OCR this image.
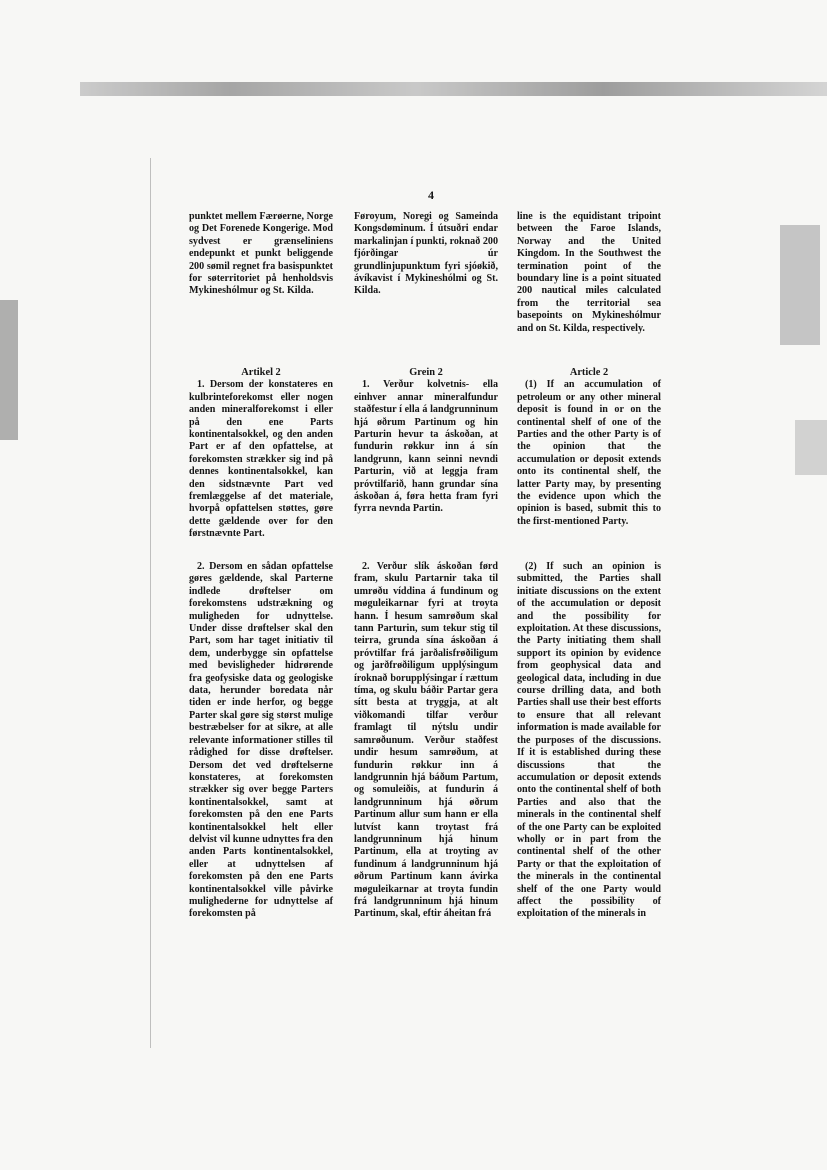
4

punktet mellem Færøerne, Norge og Det Forenede Kongerige. Mod sydvest er grænseliniens endepunkt et punkt beliggende 200 sømil regnet fra basispunktet for søterritoriet på henholdsvis Mykineshólmur og St. Kilda.

Føroyum, Noregi og Sameinda Kongsdøminum. Í útsuðri endar markalinjan í punkti, roknað 200 fjórðingar úr grundlinjupunktum fyri sjóøkið, ávíkavist í Mykineshólmi og St. Kilda.

line is the equidistant tripoint between the Faroe Islands, Norway and the United Kingdom. In the Southwest the termination point of the boundary line is a point situated 200 nautical miles calculated from the territorial sea basepoints on Mykineshólmur and on St. Kilda, respectively.

Artikel 2

1. Dersom der konstateres en kulbrinteforekomst eller nogen anden mineralforekomst i eller på den ene Parts kontinentalsokkel, og den anden Part er af den opfattelse, at forekomsten strækker sig ind på dennes kontinentalsokkel, kan den sidstnævnte Part ved fremlæggelse af det materiale, hvorpå opfattelsen støttes, gøre dette gældende over for den førstnævnte Part.

Grein 2

1. Verður kolvetnis- ella einhver annar mineralfundur staðfestur í ella á landgrunninum hjá øðrum Partinum og hin Parturin hevur ta áskoðan, at fundurin røkkur inn á sín landgrunn, kann seinni nevndi Parturin, við at leggja fram próvtilfarið, hann grundar sína áskoðan á, føra hetta fram fyri fyrra nevnda Partin.

Article 2

(1) If an accumulation of petroleum or any other mineral deposit is found in or on the continental shelf of one of the Parties and the other Party is of the opinion that the accumulation or deposit extends onto its continental shelf, the latter Party may, by presenting the evidence upon which the opinion is based, submit this to the first-mentioned Party.

2. Dersom en sådan opfattelse gøres gældende, skal Parterne indlede drøftelser om forekomstens udstrækning og muligheden for udnyttelse. Under disse drøftelser skal den Part, som har taget initiativ til dem, underbygge sin opfattelse med bevisligheder hidrørende fra geofysiske data og geologiske data, herunder boredata når tiden er inde herfor, og begge Parter skal gøre sig størst mulige bestræbelser for at sikre, at alle relevante informationer stilles til rådighed for disse drøftelser. Dersom det ved drøftelserne konstateres, at forekomsten strækker sig over begge Parters kontinentalsokkel, samt at forekomsten på den ene Parts kontinentalsokkel helt eller delvist vil kunne udnyttes fra den anden Parts kontinentalsokkel, eller at udnyttelsen af forekomsten på den ene Parts kontinentalsokkel ville påvirke mulighederne for udnyttelse af forekomsten på

2. Verður slík áskoðan førd fram, skulu Partarnir taka til umrøðu víddina á fundinum og møguleikarnar fyri at troyta hann. Í hesum samrøðum skal tann Parturin, sum tekur stig til teirra, grunda sína áskoðan á próvtilfar frá jarðalisfrøðiligum og jarðfrøðiligum upplýsingum íroknað borupplýsingar í rættum tíma, og skulu báðir Partar gera sítt besta at tryggja, at alt viðkomandi tilfar verður framlagt til nýtslu undir samrøðunum. Verður staðfest undir hesum samrøðum, at fundurin røkkur inn á landgrunnin hjá báðum Partum, og somuleiðis, at fundurin á landgrunninum hjá øðrum Partinum allur sum hann er ella lutvíst kann troytast frá landgrunninum hjá hinum Partinum, ella at troyting av fundinum á landgrunninum hjá øðrum Partinum kann ávirka møguleikarnar at troyta fundin frá landgrunninum hjá hinum Partinum, skal, eftir áheitan frá

(2) If such an opinion is submitted, the Parties shall initiate discussions on the extent of the accumulation or deposit and the possibility for exploitation. At these discussions, the Party initiating them shall support its opinion by evidence from geophysical data and geological data, including in due course drilling data, and both Parties shall use their best efforts to ensure that all relevant information is made available for the purposes of the discussions. If it is established during these discussions that the accumulation or deposit extends onto the continental shelf of both Parties and also that the minerals in the continental shelf of the one Party can be exploited wholly or in part from the continental shelf of the other Party or that the exploitation of the minerals in the continental shelf of the one Party would affect the possibility of exploitation of the minerals in
